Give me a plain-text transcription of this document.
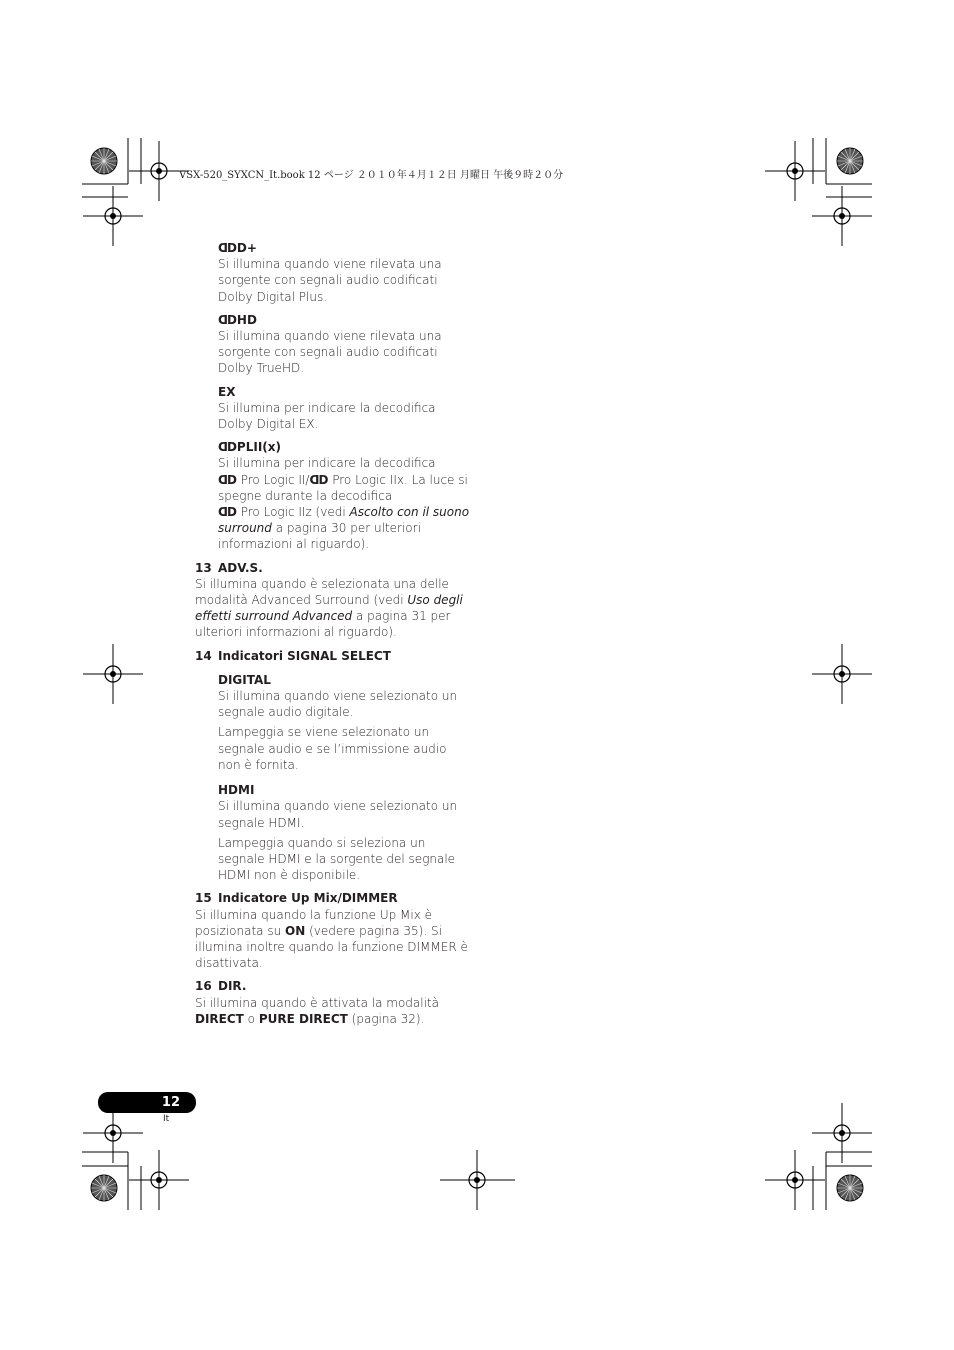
VSX-520_SYXCN_It.book 12 ページ ２０１０年４月１２日 月曜日 午後９時２０分
ᗡᗞD+

Si illumina quando viene rilevata una sorgente con segnali audio codificati Dolby Digital Plus.

ᗡᗞHD

Si illumina quando viene rilevata una sorgente con segnali audio codificati Dolby TrueHD.

EX

Si illumina per indicare la decodifica Dolby Digital EX.

ᗡᗞPLII(x)

Si illumina per indicare la decodifica
ᗡᗞ Pro Logic II/ᗡᗞ Pro Logic IIx. La luce si spegne durante la decodifica
ᗡᗞ Pro Logic IIz (vedi Ascolto con il suono surround a pagina 30 per ulteriori informazioni al riguardo).

13 ADV.S.

Si illumina quando è selezionata una delle modalità Advanced Surround (vedi Uso degli effetti surround Advanced a pagina 31 per ulteriori informazioni al riguardo).

14 Indicatori SIGNAL SELECT
DIGITAL

Si illumina quando viene selezionato un segnale audio digitale.

Lampeggia se viene selezionato un segnale audio e se l’immissione audio non è fornita.

HDMI

Si illumina quando viene selezionato un segnale HDMI.

Lampeggia quando si seleziona un segnale HDMI e la sorgente del segnale HDMI non è disponibile.

15 Indicatore Up Mix/DIMMER

Si illumina quando la funzione Up Mix è posizionata su ON (vedere pagina 35). Si illumina inoltre quando la funzione DIMMER è disattivata.

16 DIR.

Si illumina quando è attivata la modalità
DIRECT o PURE DIRECT (pagina 32).

12
It
